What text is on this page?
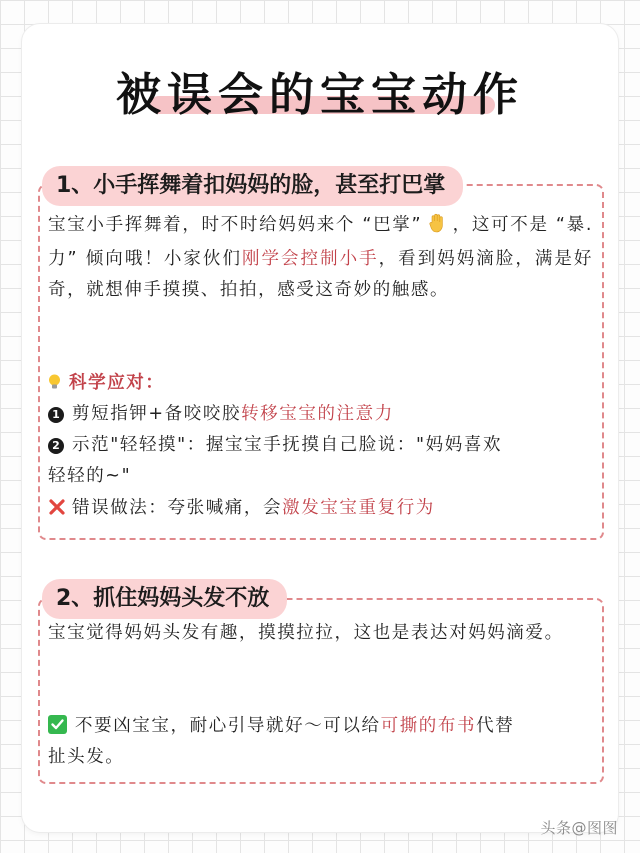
被误会的宝宝动作
1、小手挥舞着扣妈妈的脸，甚至打巴掌
宝宝小手挥舞着，时不时给妈妈来个 “巴掌” ，这可不是 “暴.力” 倾向哦！小家伙们刚学会控制小手，看到妈妈滴脸，满是好奇，就想伸手摸摸、拍拍，感受这奇妙的触感。
科学应对：
1 剪短指钾+备咬咬胶转移宝宝的注意力
2 示范"轻轻摸"：握宝宝手抚摸自己脸说："妈妈喜欢
轻轻的~"
错误做法：夸张喊痛，会激发宝宝重复行为
2、抓住妈妈头发不放
宝宝觉得妈妈头发有趣，摸摸拉拉，这也是表达对妈妈滴爱。
不要凶宝宝，耐心引导就好～可以给可撕的布书代替
扯头发。
头条@图图
